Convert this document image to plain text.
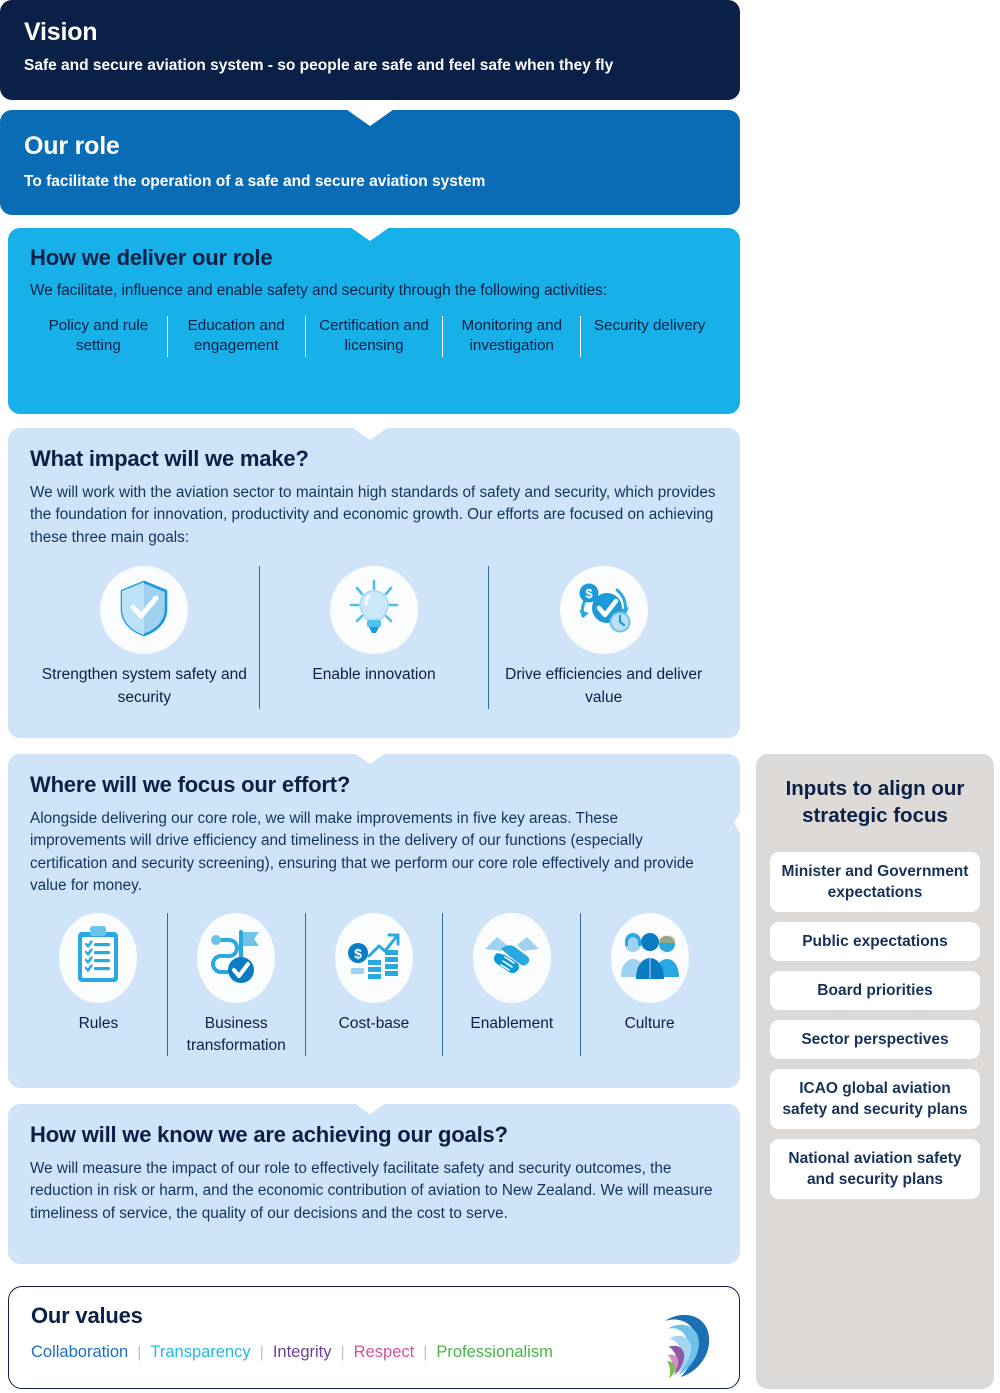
Vision
Safe and secure aviation system - so people are safe and feel safe when they fly
Our role
To facilitate the operation of a safe and secure aviation system
How we deliver our role
We facilitate, influence and enable safety and security through the following activities:
Policy and rule setting
Education and engagement
Certification and licensing
Monitoring and investigation
Security delivery
What impact will we make?
We will work with the aviation sector to maintain high standards of safety and security, which provides the foundation for innovation, productivity and economic growth. Our efforts are focused on achieving these three main goals:
Strengthen system safety and security
Enable innovation
$
Drive efficiencies and deliver value
Where will we focus our effort?
Alongside delivering our core role, we will make improvements in five key areas. These improvements will drive efficiency and timeliness in the delivery of our functions (especially certification and security screening), ensuring that we perform our core role effectively and provide value for money.
Rules	Business transformation
$
Cost-base	Enablement	Culture
How will we know we are achieving our goals?
We will measure the impact of our role to effectively facilitate safety and security outcomes, the reduction in risk or harm, and the economic contribution of aviation to New Zealand. We will measure timeliness of service, the quality of our decisions and the cost to serve.
Our values
Collaboration | Transparency | Integrity | Respect | Professionalism
Inputs to align our strategic focus
Minister and Government expectations
Public expectations
Board priorities
Sector perspectives
ICAO global aviation safety and security plans
National aviation safety and security plans
